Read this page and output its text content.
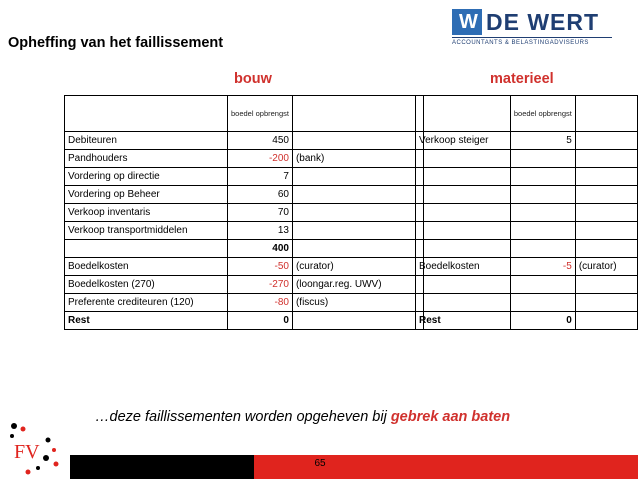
W DE WERT
ACCOUNTANTS & BELASTINGADVISEURS
Opheffing van het faillissement
bouw	materieel
	boedel opbrengst	
Debiteuren	450	
Pandhouders	-200	(bank)
Vordering op directie	7	
Vordering op Beheer	60	
Verkoop inventaris	70	
Verkoop transportmiddelen	13	
	400	
Boedelkosten	-50	(curator)
Boedelkosten (270)	-270	(loongar.reg. UWV)
Preferente crediteuren (120)	-80	(fiscus)
Rest	0	
	boedel opbrengst	
Verkoop steiger	5	

Boedelkosten	-5	(curator)

Rest	0	
…deze faillissementen worden opgeheven bij gebrek aan baten
FV
65
